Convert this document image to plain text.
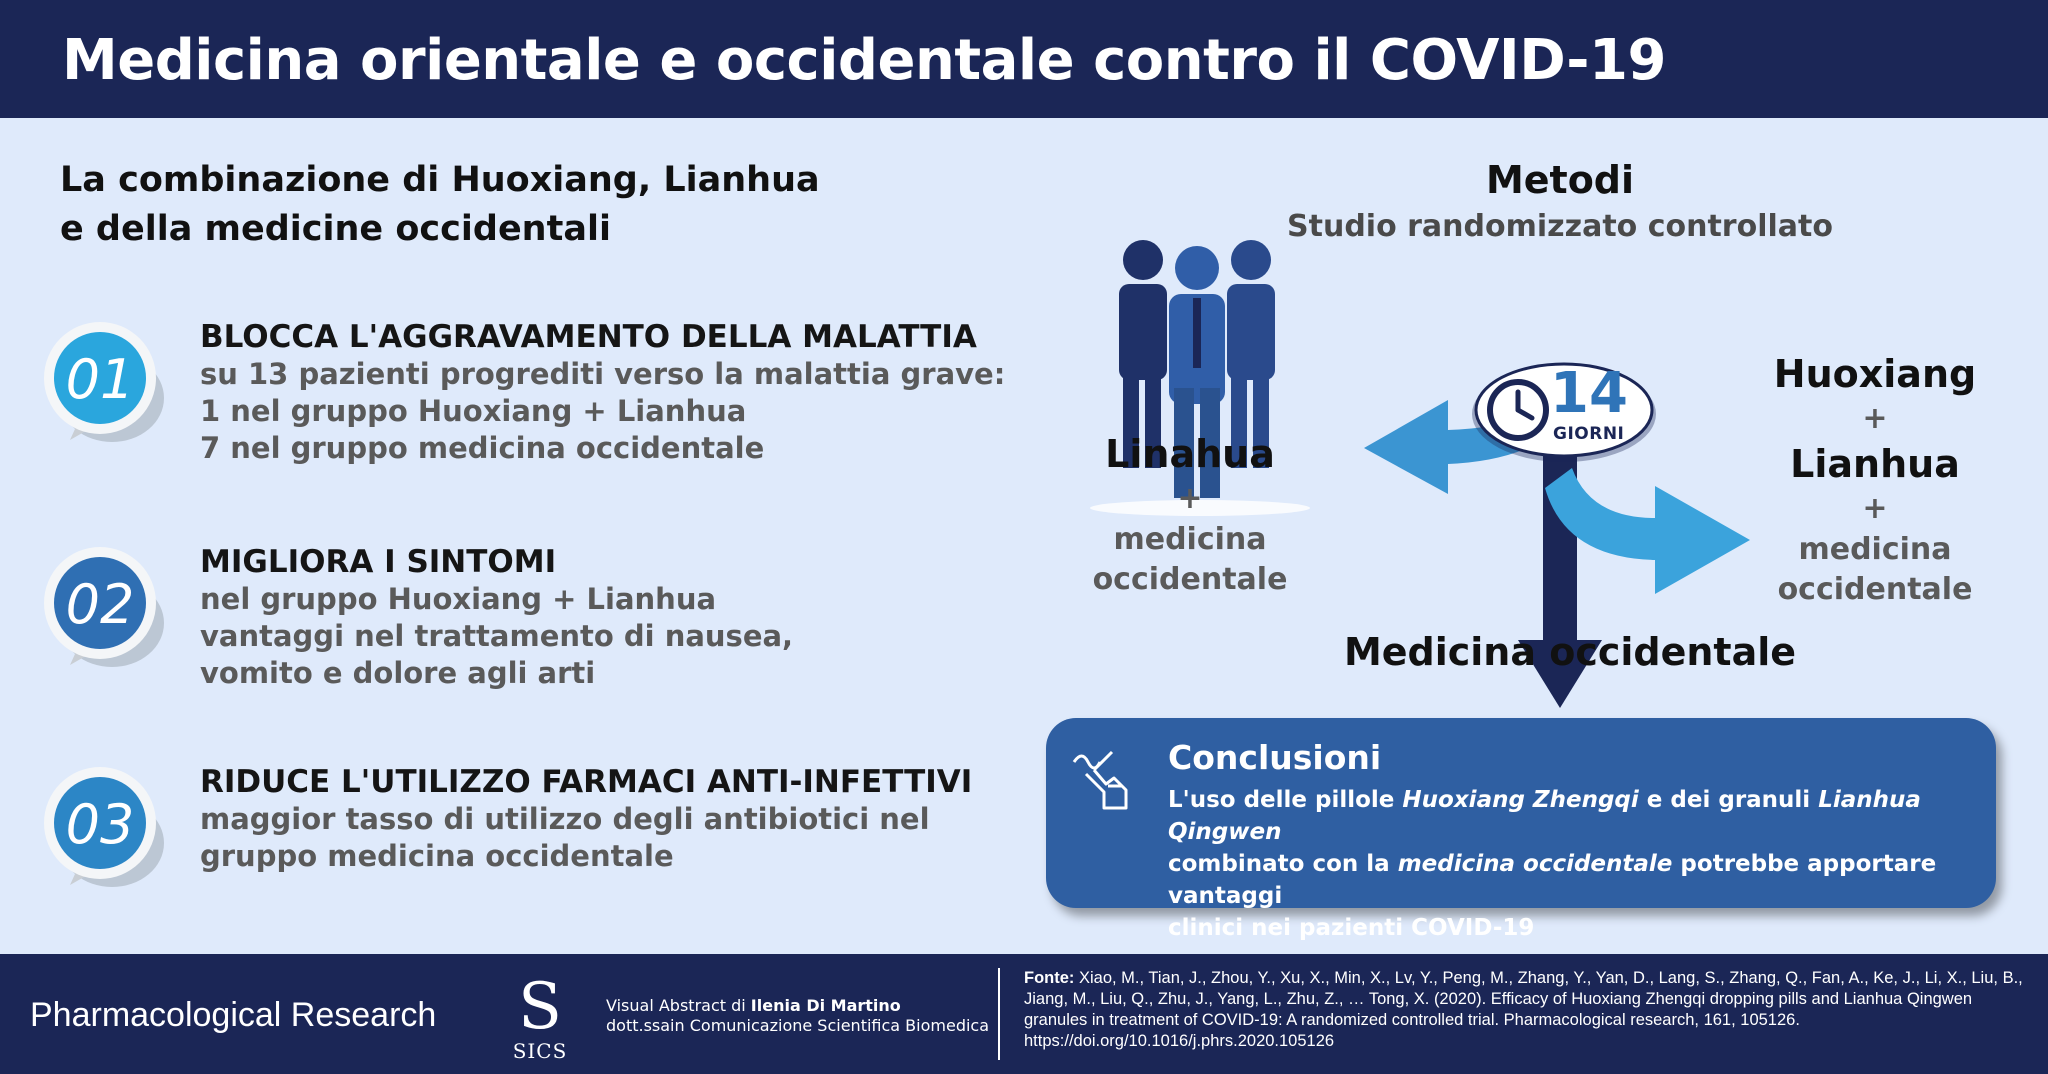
Medicina orientale e occidentale contro il COVID-19
La combinazione di Huoxiang, Lianhua
e della medicine occidentali
01
BLOCCA L'AGGRAVAMENTO DELLA MALATTIA
su 13 pazienti progrediti verso la malattia grave:
1 nel gruppo Huoxiang + Lianhua
7 nel gruppo medicina occidentale
02
MIGLIORA I SINTOMI
nel gruppo Huoxiang + Lianhua
vantaggi nel trattamento di nausea,
vomito e dolore agli arti
03
RIDUCE L'UTILIZZO FARMACI ANTI-INFETTIVI
maggior tasso di utilizzo degli antibiotici nel
gruppo medicina occidentale
Metodi
Studio randomizzato controllato
Linahua
+
medicina
occidentale
14
GIORNI
Huoxiang
+
Lianhua
+
medicina
occidentale
Medicina occidentale
Conclusioni
L'uso delle pillole Huoxiang Zhengqi e dei granuli Lianhua Qingwen
combinato con la medicina occidentale potrebbe apportare vantaggi
clinici nei pazienti COVID-19
Pharmacological Research S
SICS
Visual Abstract di Ilenia Di Martino
dott.ssain Comunicazione Scientifica Biomedica
Fonte: Xiao, M., Tian, J., Zhou, Y., Xu, X., Min, X., Lv, Y., Peng, M., Zhang, Y., Yan, D., Lang, S., Zhang, Q., Fan, A., Ke, J., Li, X., Liu, B.,
Jiang, M., Liu, Q., Zhu, J., Yang, L., Zhu, Z., … Tong, X. (2020). Efficacy of Huoxiang Zhengqi dropping pills and Lianhua Qingwen
granules in treatment of COVID-19: A randomized controlled trial. Pharmacological research, 161, 105126.
https://doi.org/10.1016/j.phrs.2020.105126
